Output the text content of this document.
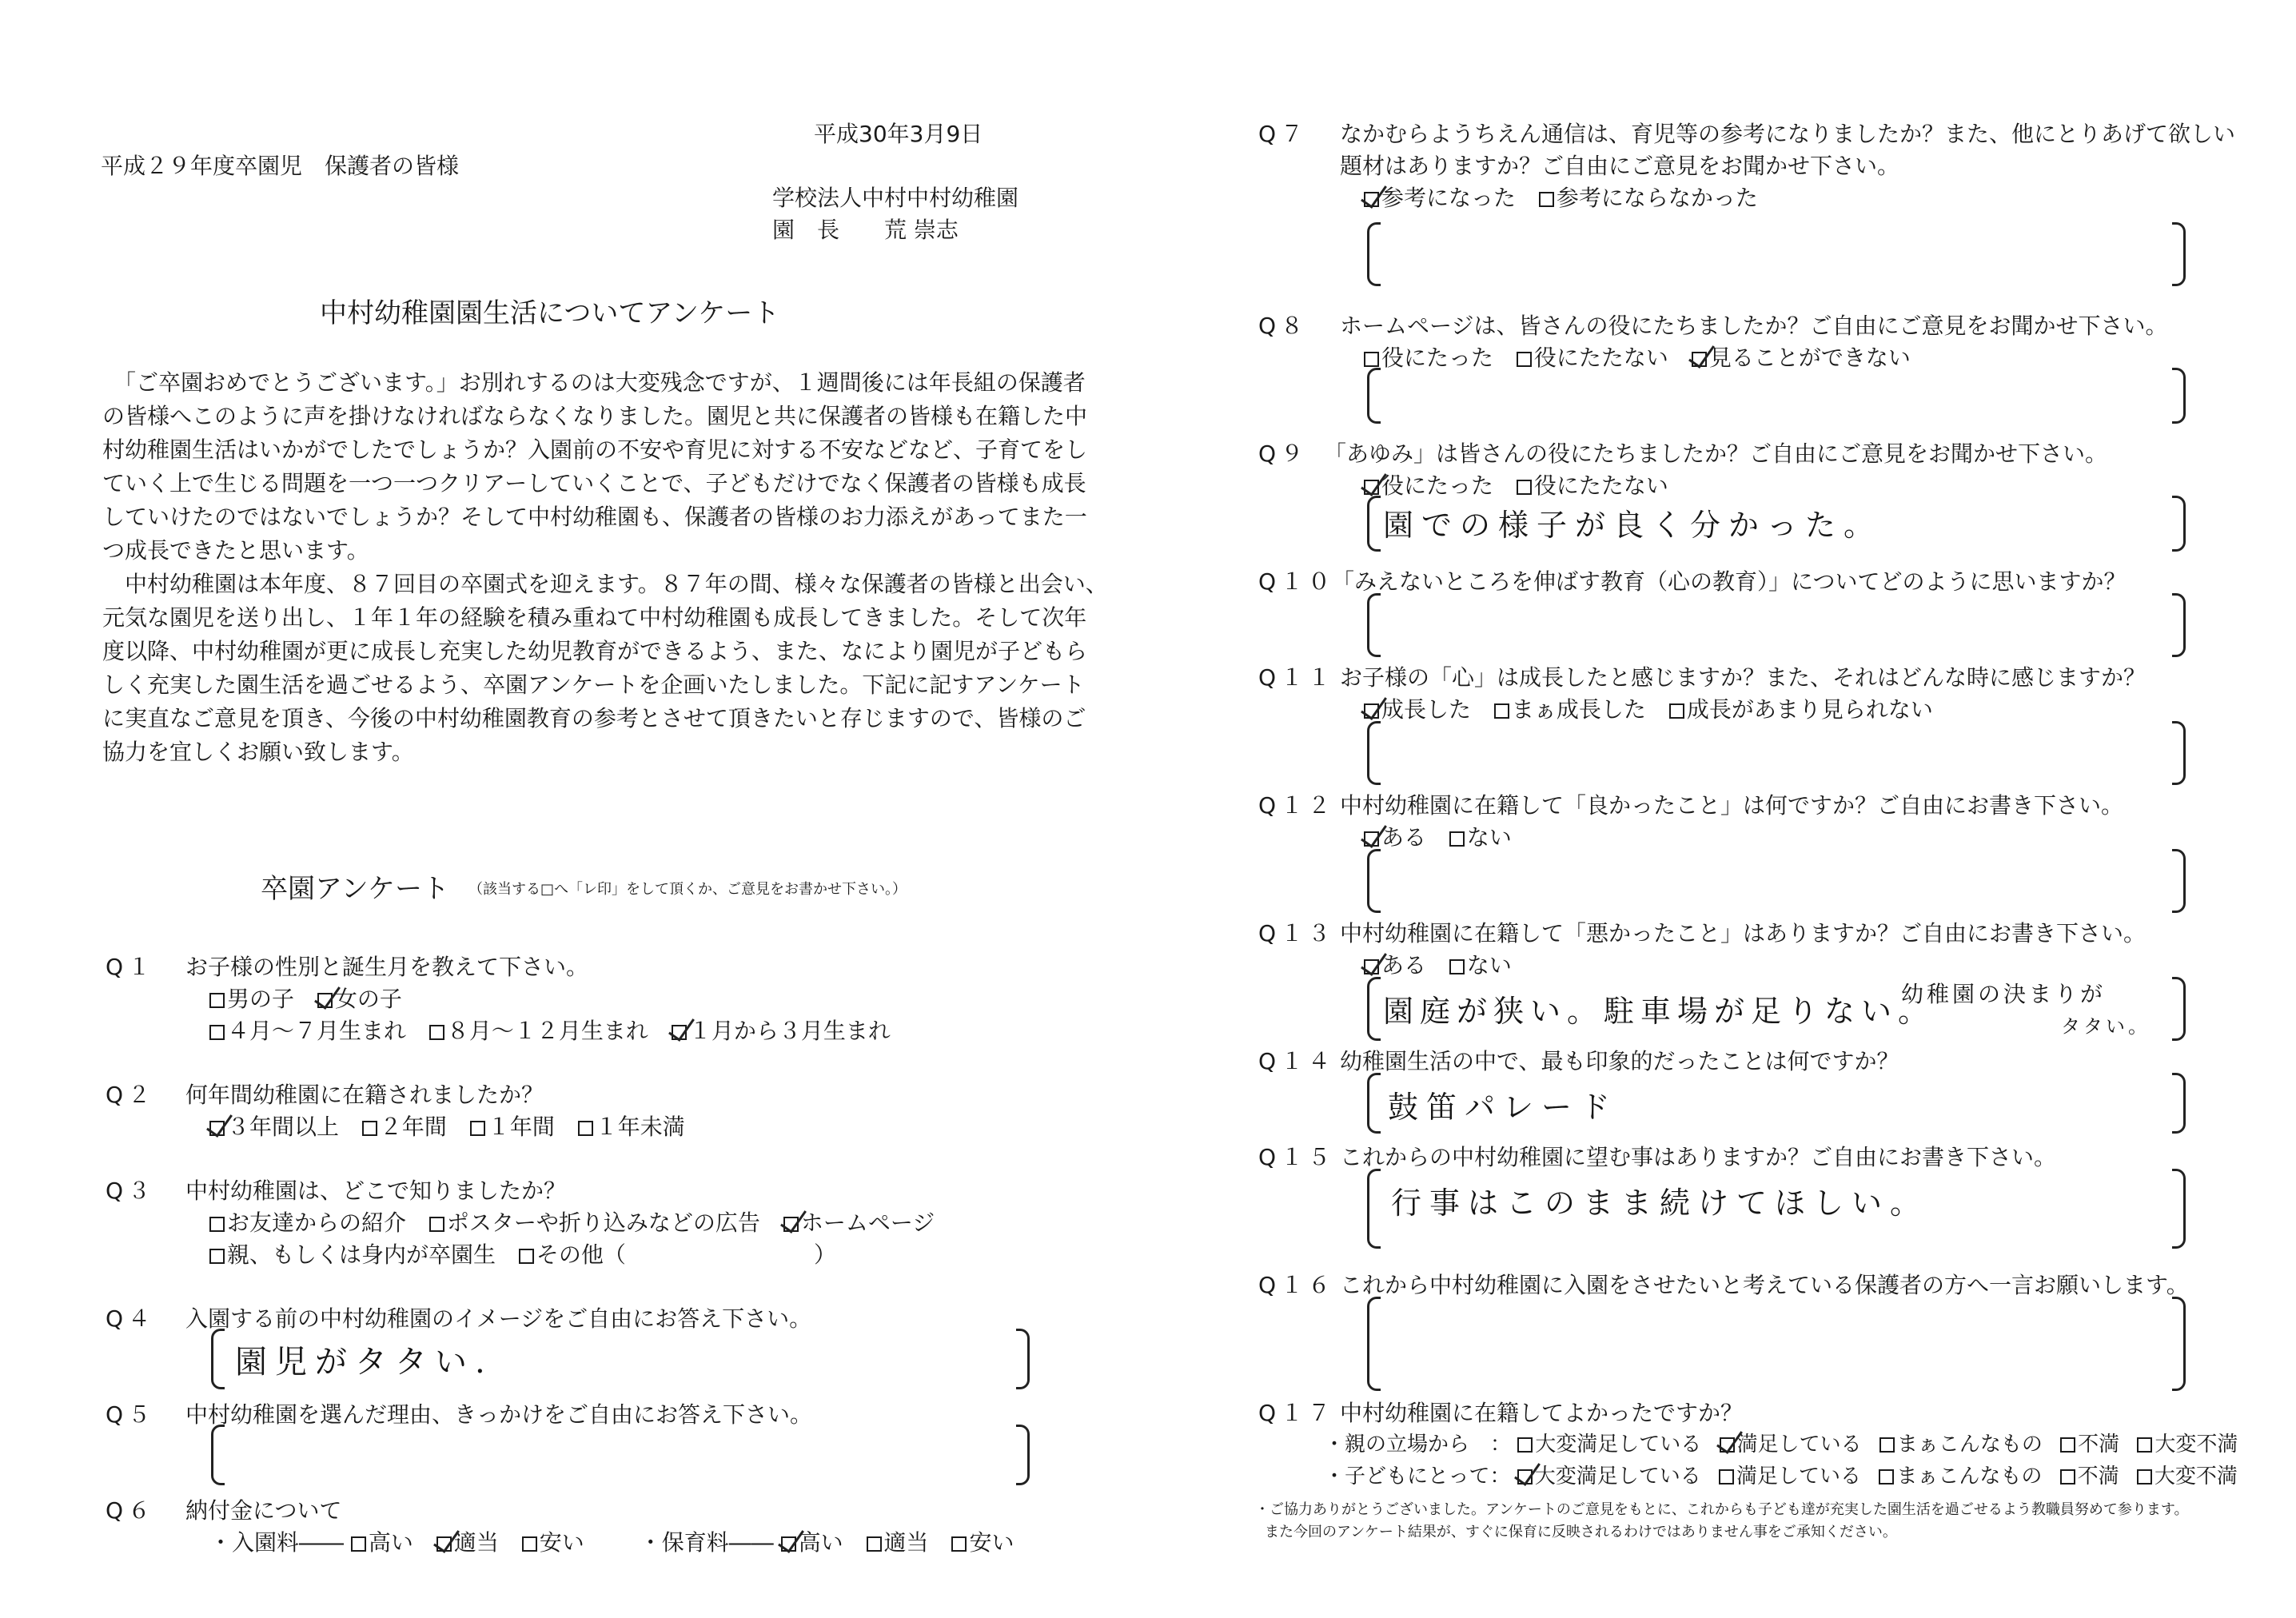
平成30年3月9日
平成２９年度卒園児　保護者の皆様
学校法人中村中村幼稚園
園　長　　荒 崇志
中村幼稚園園生活についてアンケート
「ご卒園おめでとうございます。」お別れするのは大変残念ですが、１週間後には年長組の保護者
の皆様へこのように声を掛けなければならなくなりました。園児と共に保護者の皆様も在籍した中
村幼稚園生活はいかがでしたでしょうか？入園前の不安や育児に対する不安などなど、子育てをし
ていく上で生じる問題を一つ一つクリアーしていくことで、子どもだけでなく保護者の皆様も成長
していけたのではないでしょうか？そして中村幼稚園も、保護者の皆様のお力添えがあってまた一
つ成長できたと思います。
　中村幼稚園は本年度、８７回目の卒園式を迎えます。８７年の間、様々な保護者の皆様と出会い、
元気な園児を送り出し、１年１年の経験を積み重ねて中村幼稚園も成長してきました。そして次年
度以降、中村幼稚園が更に成長し充実した幼児教育ができるよう、また、なにより園児が子どもら
しく充実した園生活を過ごせるよう、卒園アンケートを企画いたしました。下記に記すアンケート
に実直なご意見を頂き、今後の中村幼稚園教育の参考とさせて頂きたいと存じますので、皆様のご
協力を宜しくお願い致します。
卒園アンケート （該当する□へ「レ印」をして頂くか、ご意見をお書かせ下さい。）
Q１ お子様の性別と誕生月を教えて下さい。
男の子 女の子
４月～７月生まれ ８月～１２月生まれ １月から３月生まれ
Q２ 何年間幼稚園に在籍されましたか？
３年間以上 ２年間 １年間 １年未満
Q３ 中村幼稚園は、どこで知りましたか？
お友達からの紹介 ポスターや折り込みなどの広告 ホームページ
親、もしくは身内が卒園生 その他（	）
Q４ 入園する前の中村幼稚園のイメージをご自由にお答え下さい。
園児がタタい.
Q５ 中村幼稚園を選んだ理由、きっかけをご自由にお答え下さい。
Q６ 納付金について
・入園料―― 高い 適当 安い ・保育料―― 高い 適当 安い
Q７ なかむらようちえん通信は、育児等の参考になりましたか？また、他にとりあげて欲しい
題材はありますか？ご自由にご意見をお聞かせ下さい。
参考になった 参考にならなかった
Q８ ホームページは、皆さんの役にたちましたか？ご自由にご意見をお聞かせ下さい。
役にたった 役にたたない 見ることができない
Q９ 「あゆみ」は皆さんの役にたちましたか？ご自由にご意見をお聞かせ下さい。
役にたった 役にたたない
園での様子が良く分かった。
Q１０
「みえないところを伸ばす教育（心の教育）」についてどのように思いますか？
Q１１ お子様の「心」は成長したと感じますか？また、それはどんな時に感じますか？
成長した まぁ成長した 成長があまり見られない
Q１２ 中村幼稚園に在籍して「良かったこと」は何ですか？ご自由にお書き下さい。
ある ない
Q１３ 中村幼稚園に在籍して「悪かったこと」はありますか？ご自由にお書き下さい。
ある ない
園庭が狭い。駐車場が足りない。
幼稚園の決まりが
タタい。
Q１４ 幼稚園生活の中で、最も印象的だったことは何ですか？
鼓笛パレード
Q１５ これからの中村幼稚園に望む事はありますか？ご自由にお書き下さい。
行事はこのまま続けてほしい。
Q１６ これから中村幼稚園に入園をさせたいと考えている保護者の方へ一言お願いします。
Q１７ 中村幼稚園に在籍してよかったですか？
・親の立場から　： 大変満足している 満足している まぁこんなもの 不満 大変不満
・子どもにとって： 大変満足している 満足している まぁこんなもの 不満 大変不満
・ご協力ありがとうございました。アンケートのご意見をもとに、これからも子ども達が充実した園生活を過ごせるよう教職員努めて参ります。
また今回のアンケート結果が、すぐに保育に反映されるわけではありません事をご承知ください。
